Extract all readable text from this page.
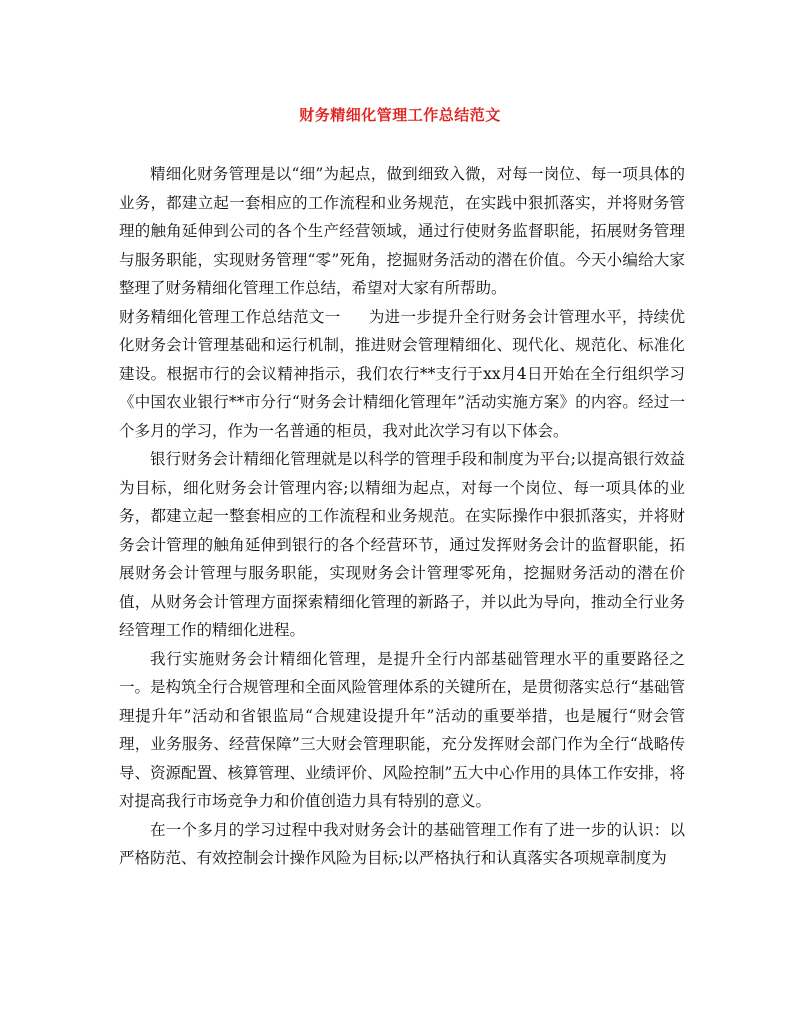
财务精细化管理工作总结范文

精细化财务管理是以“细”为起点，做到细致入微，对每一岗位、每一项具体的业务，都建立起一套相应的工作流程和业务规范，在实践中狠抓落实，并将财务管理的触角延伸到公司的各个生产经营领域，通过行使财务监督职能，拓展财务管理与服务职能，实现财务管理“零”死角，挖掘财务活动的潜在价值。今天小编给大家整理了财务精细化管理工作总结，希望对大家有所帮助。

财务精细化管理工作总结范文一 为进一步提升全行财务会计管理水平，持续优化财务会计管理基础和运行机制，推进财会管理精细化、现代化、规范化、标准化建设。根据市行的会议精神指示，我们农行**支行于xx月4日开始在全行组织学习《中国农业银行**市分行“财务会计精细化管理年”活动实施方案》的内容。经过一个多月的学习，作为一名普通的柜员，我对此次学习有以下体会。

银行财务会计精细化管理就是以科学的管理手段和制度为平台;以提高银行效益为目标，细化财务会计管理内容;以精细为起点，对每一个岗位、每一项具体的业务，都建立起一整套相应的工作流程和业务规范。在实际操作中狠抓落实，并将财务会计管理的触角延伸到银行的各个经营环节，通过发挥财务会计的监督职能，拓展财务会计管理与服务职能，实现财务会计管理零死角，挖掘财务活动的潜在价值，从财务会计管理方面探索精细化管理的新路子，并以此为导向，推动全行业务经管理工作的精细化进程。

我行实施财务会计精细化管理，是提升全行内部基础管理水平的重要路径之一。是构筑全行合规管理和全面风险管理体系的关键所在，是贯彻落实总行“基础管理提升年”活动和省银监局“合规建设提升年”活动的重要举措，也是履行“财会管理，业务服务、经营保障”三大财会管理职能，充分发挥财会部门作为全行“战略传导、资源配置、核算管理、业绩评价、风险控制”五大中心作用的具体工作安排，将对提高我行市场竞争力和价值创造力具有特别的意义。

在一个多月的学习过程中我对财务会计的基础管理工作有了进一步的认识：以严格防范、有效控制会计操作风险为目标;以严格执行和认真落实各项规章制度为
